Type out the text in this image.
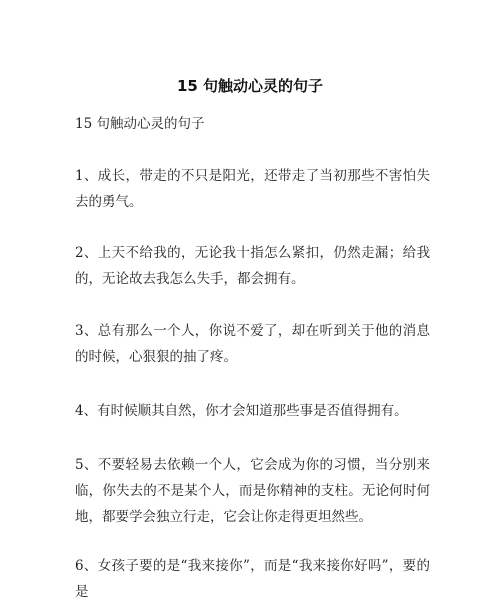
15 句触动心灵的句子

15 句触动心灵的句子

1、成长，带走的不只是阳光，还带走了当初那些不害怕失去的勇气。

2、上天不给我的，无论我十指怎么紧扣，仍然走漏；给我的，无论故去我怎么失手，都会拥有。

3、总有那么一个人，你说不爱了，却在听到关于他的消息的时候，心狠狠的抽了疼。

4、有时候顺其自然，你才会知道那些事是否值得拥有。

5、不要轻易去依赖一个人，它会成为你的习惯，当分别来临，你失去的不是某个人，而是你精神的支柱。无论何时何地，都要学会独立行走，它会让你走得更坦然些。

6、女孩子要的是“我来接你”，而是“我来接你好吗”，要的是
